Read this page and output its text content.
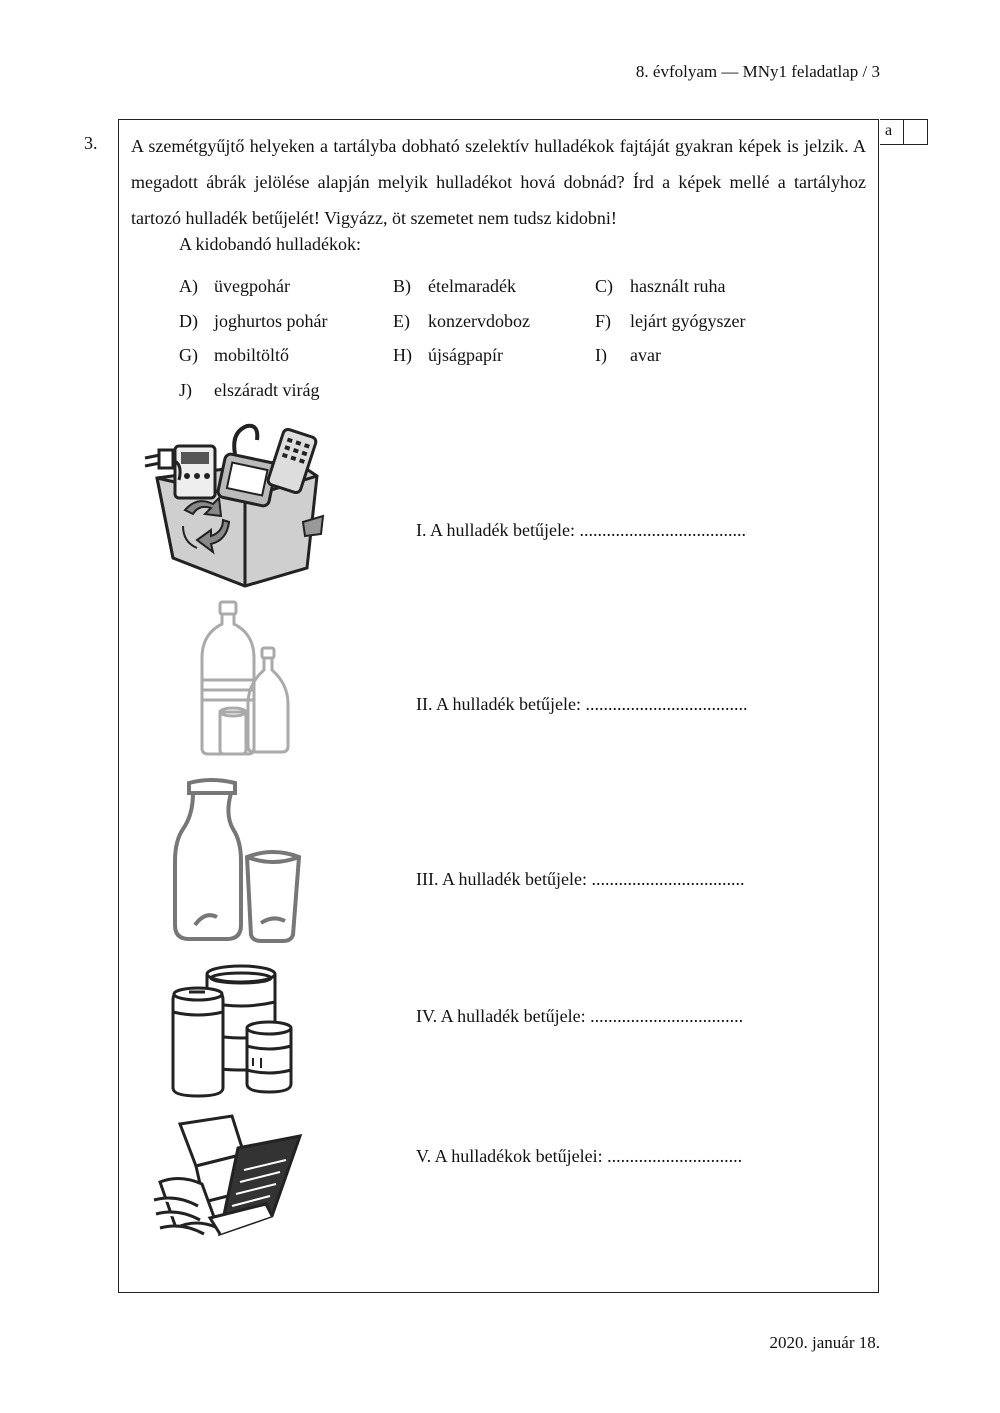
8. évfolyam — MNy1 feladatlap / 3
3.
a
A szemétgyűjtő helyeken a tartályba dobható szelektív hulladékok fajtáját gyakran képek is jelzik. A megadott ábrák jelölése alapján melyik hulladékot hová dobnád? Írd a képek mellé a tartályhoz tartozó hulladék betűjelét! Vigyázz, öt szemetet nem tudsz kidobni!
A kidobandó hulladékok:
A) üvegpohár	B) ételmaradék	C) használt ruha
D) joghurtos pohár	E) konzervdoboz	F) lejárt gyógyszer
G) mobiltöltő	H) újságpapír	I) avar
J) elszáradt virág
I. A hulladék betűjele: .....................................
II. A hulladék betűjele: ....................................
III. A hulladék betűjele: ..................................
IV. A hulladék betűjele: ..................................
V. A hulladékok betűjelei: ..............................
2020. január 18.
